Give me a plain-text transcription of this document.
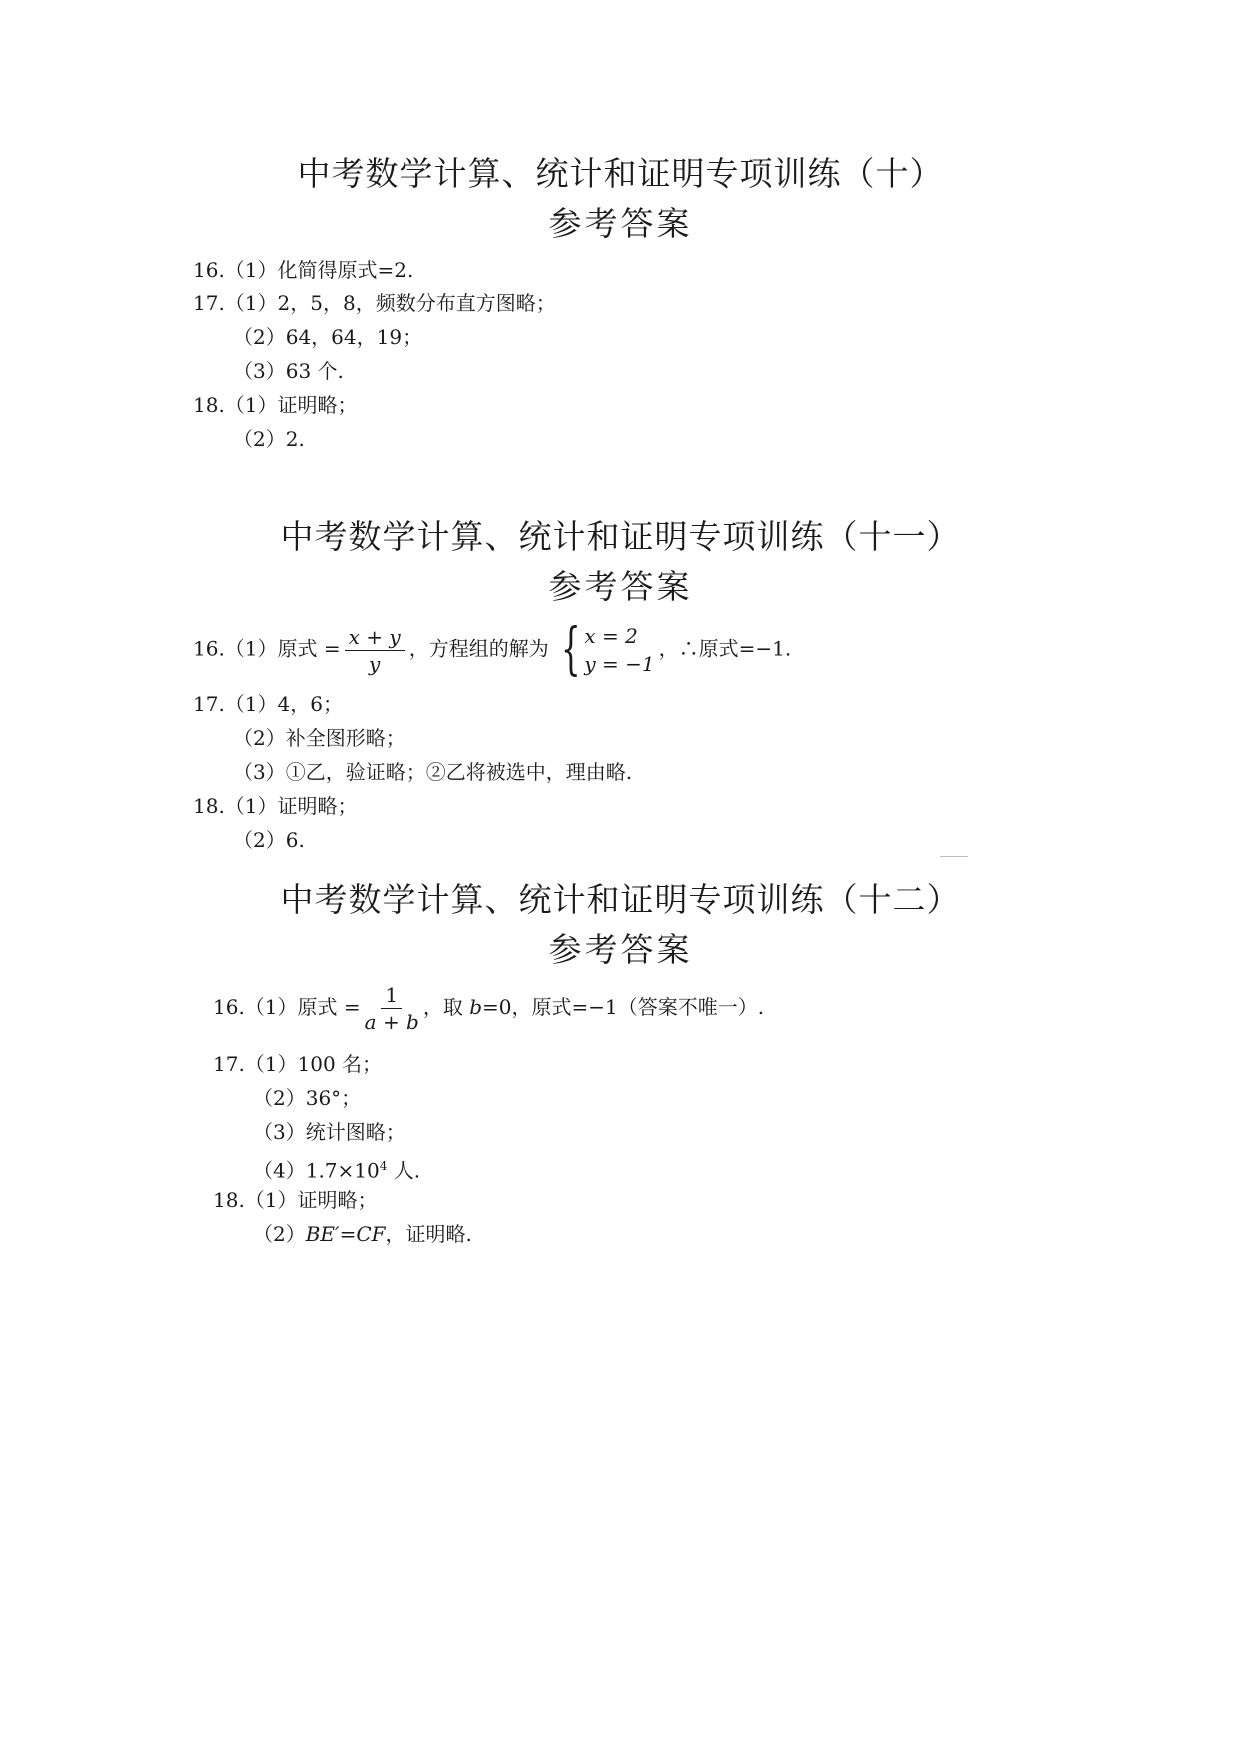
中考数学计算、统计和证明专项训练（十）
参考答案
16.（1）化简得原式=2.
17.（1）2，5，8，频数分布直方图略；
（2）64，64，19；
（3）63 个.
18.（1）证明略；
（2）2.
中考数学计算、统计和证明专项训练（十一）
参考答案
16.（1）原式 = $\frac{x + y}{y}$ ，方程组的解为 { x = 2
y = −1
，∴原式=−1.
17.（1）4，6；
（2）补全图形略；
（3）①乙，验证略；②乙将被选中，理由略.
18.（1）证明略；
（2）6.
中考数学计算、统计和证明专项训练（十二）
参考答案
16.（1）原式 = $\frac{1}{a + b}$ ，取 b=0，原式=−1（答案不唯一）.
17.（1）100 名；
（2）36°；
（3）统计图略；
$(4)1.7\times 10^4$ 人.
18.（1）证明略；
（2）BE′=CF，证明略.
